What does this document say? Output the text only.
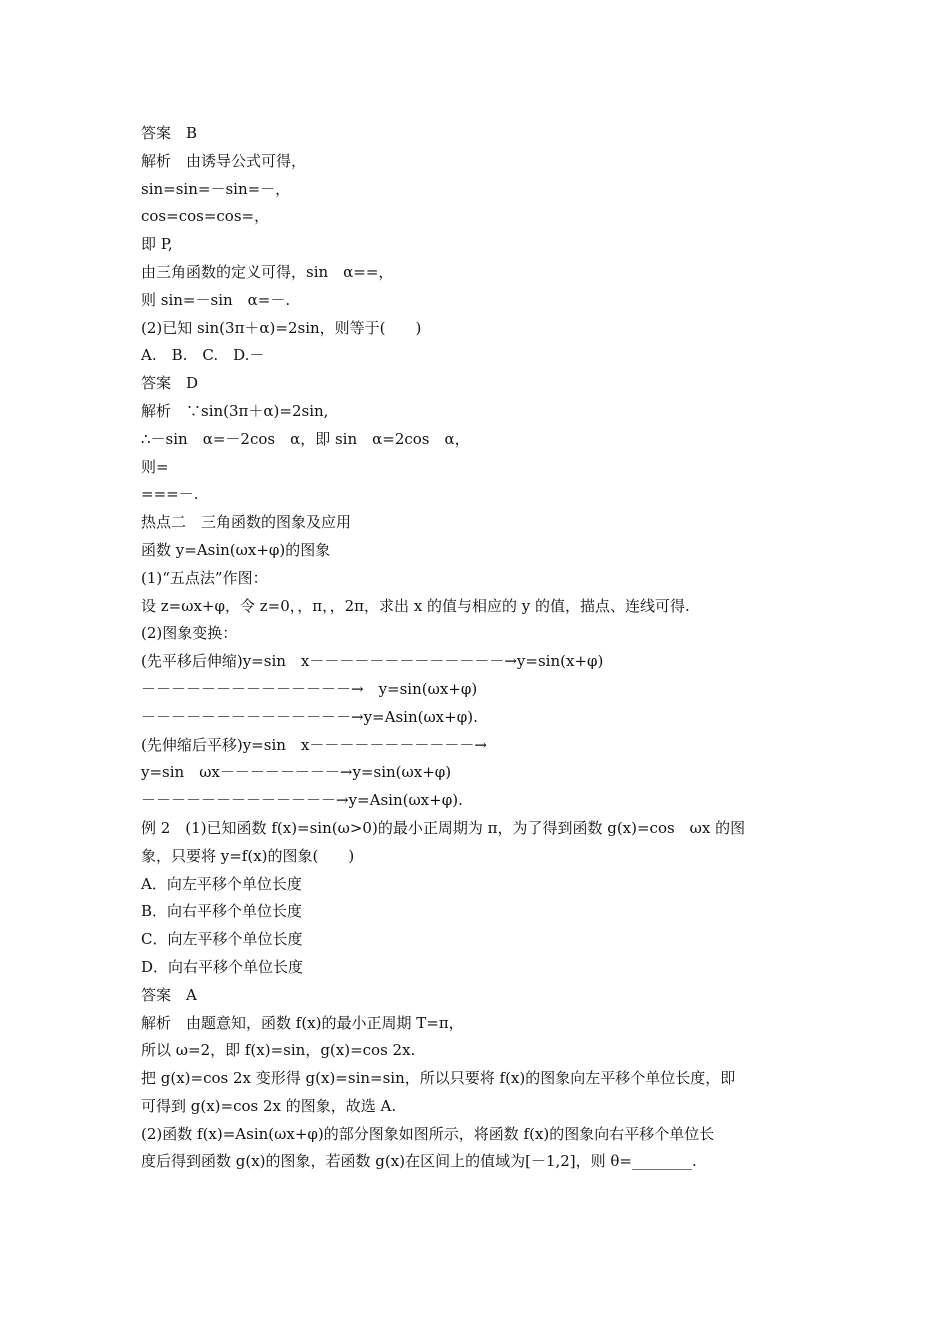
答案　B

解析　由诱导公式可得，

sin=sin=－sin=－，

cos=cos=cos=，

即 P,

由三角函数的定义可得，sin　α==，

则 sin=－sin　α=－.

(2)已知 sin(3π＋α)=2sin，则等于(　　)

A.　B.　C.　D.－

答案　D

解析　∵sin(3π＋α)=2sin,

∴－sin　α=－2cos　α，即 sin　α=2cos　α，

则=

===－.

热点二　三角函数的图象及应用

函数 y=Asin(ωx+φ)的图象

(1)“五点法”作图：

设 z=ωx+φ，令 z=0，，π，，2π，求出 x 的值与相应的 y 的值，描点、连线可得.

(2)图象变换：

(先平移后伸缩)y=sin　x－－－－－－－－－－－－－→y=sin(x+φ)

－－－－－－－－－－－－－－→　y=sin(ωx+φ)

－－－－－－－－－－－－－－→y=Asin(ωx+φ).

(先伸缩后平移)y=sin　x－－－－－－－－－－－→

y=sin　ωx－－－－－－－－→y=sin(ωx+φ)

－－－－－－－－－－－－－→y=Asin(ωx+φ).

例 2　(1)已知函数 f(x)=sin(ω>0)的最小正周期为 π，为了得到函数 g(x)=cos　ωx 的图

象，只要将 y=f(x)的图象(　　)

A．向左平移个单位长度

B．向右平移个单位长度

C．向左平移个单位长度

D．向右平移个单位长度

答案　A

解析　由题意知，函数 f(x)的最小正周期 T=π，

所以 ω=2，即 f(x)=sin，g(x)=cos 2x.

把 g(x)=cos 2x 变形得 g(x)=sin=sin，所以只要将 f(x)的图象向左平移个单位长度，即

可得到 g(x)=cos 2x 的图象，故选 A.

(2)函数 f(x)=Asin(ωx+φ)的部分图象如图所示，将函数 f(x)的图象向右平移个单位长

度后得到函数 g(x)的图象，若函数 g(x)在区间上的值域为[－1,2]，则 θ=________.
